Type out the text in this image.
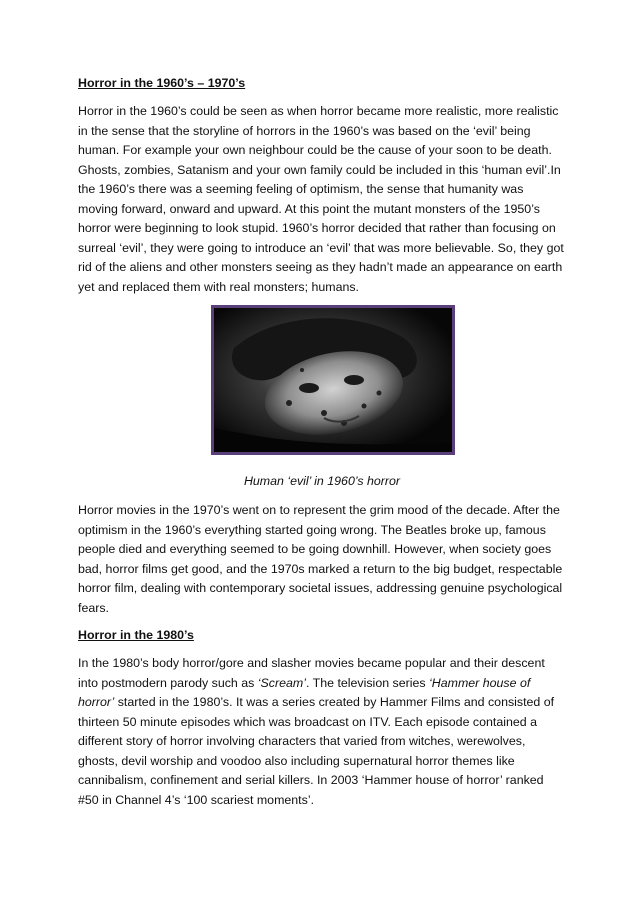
Horror in the 1960’s – 1970’s

Horror in the 1960’s could be seen as when horror became more realistic, more realistic in the sense that the storyline of horrors in the 1960’s was based on the ‘evil’ being human. For example your own neighbour could be the cause of your soon to be death. Ghosts, zombies, Satanism and your own family could be included in this ‘human evil’.In the 1960’s there was a seeming feeling of optimism, the sense that humanity was moving forward, onward and upward. At this point the mutant monsters of the 1950’s horror were beginning to look stupid. 1960’s horror decided that rather than focusing on surreal ‘evil’, they were going to introduce an ‘evil’ that was more believable. So, they got rid of the aliens and other monsters seeing as they hadn’t made an appearance on earth yet and replaced them with real monsters; humans.

Human ‘evil’ in 1960’s horror

Horror movies in the 1970’s went on to represent the grim mood of the decade. After the optimism in the 1960’s everything started going wrong. The Beatles broke up, famous people died and everything seemed to be going downhill. However, when society goes bad, horror films get good, and the 1970s marked a return to the big budget, respectable horror film, dealing with contemporary societal issues, addressing genuine psychological fears.

Horror in the 1980’s

In the 1980’s body horror/gore and slasher movies became popular and their descent into postmodern parody such as ‘Scream’. The television series ‘Hammer house of horror’ started in the 1980’s. It was a series created by Hammer Films and consisted of thirteen 50 minute episodes which was broadcast on ITV. Each episode contained a different story of horror involving characters that varied from witches, werewolves, ghosts, devil worship and voodoo also including supernatural horror themes like cannibalism, confinement and serial killers. In 2003 ‘Hammer house of horror’ ranked #50 in Channel 4’s ‘100 scariest moments’.
